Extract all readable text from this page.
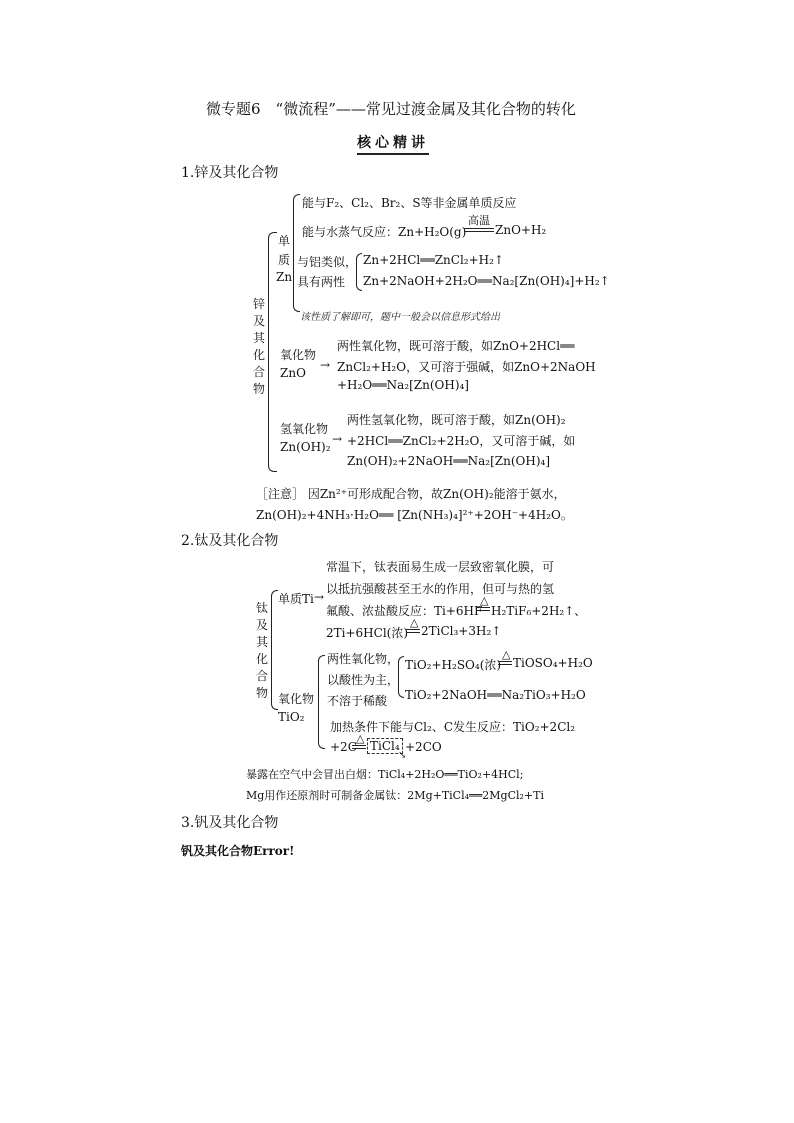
微专题6　“微流程”——常见过渡金属及其化合物的转化
核心精讲
1.锌及其化合物
锌及其化合物
单
质
Zn
能与F₂、Cl₂、Br₂、S等非金属单质反应
能与水蒸气反应：Zn+H₂O(g)
高温
ZnO+H₂
与铝类似，
具有两性
Zn+2HCl══ZnCl₂+H₂↑
Zn+2NaOH+2H₂O══Na₂[Zn(OH)₄]+H₂↑
该性质了解即可，题中一般会以信息形式给出
氧化物
ZnO
→
两性氧化物，既可溶于酸，如ZnO+2HCl══
ZnCl₂+H₂O，又可溶于强碱，如ZnO+2NaOH
+H₂O══Na₂[Zn(OH)₄]
氢氧化物
Zn(OH)₂
→
两性氢氧化物，既可溶于酸，如Zn(OH)₂
+2HCl══ZnCl₂+2H₂O，又可溶于碱，如
Zn(OH)₂+2NaOH══Na₂[Zn(OH)₄]
［注意］ 因Zn²⁺可形成配合物，故Zn(OH)₂能溶于氨水，
Zn(OH)₂+4NH₃·H₂O══ [Zn(NH₃)₄]²⁺+2OH⁻+4H₂O。
2.钛及其化合物
钛及其化合物
单质Ti →
常温下，钛表面易生成一层致密氧化膜，可
以抵抗强酸甚至王水的作用，但可与热的氢
氟酸、浓盐酸反应：Ti+6HF
△
H₂TiF₆+2H₂↑、
2Ti+6HCl(浓)
△
2TiCl₃+3H₂↑
氧化物
TiO₂
两性氧化物，
以酸性为主，
不溶于稀酸
TiO₂+H₂SO₄(浓)
△
TiOSO₄+H₂O
TiO₂+2NaOH══Na₂TiO₃+H₂O
加热条件下能与Cl₂、C发生反应：TiO₂+2Cl₂
+2C
△
TiCl₄ +2CO
↘
暴露在空气中会冒出白烟：TiCl₄+2H₂O══TiO₂+4HCl;
Mg用作还原剂时可制备金属钛：2Mg+TiCl₄══2MgCl₂+Ti
3.钒及其化合物
钒及其化合物Error!
